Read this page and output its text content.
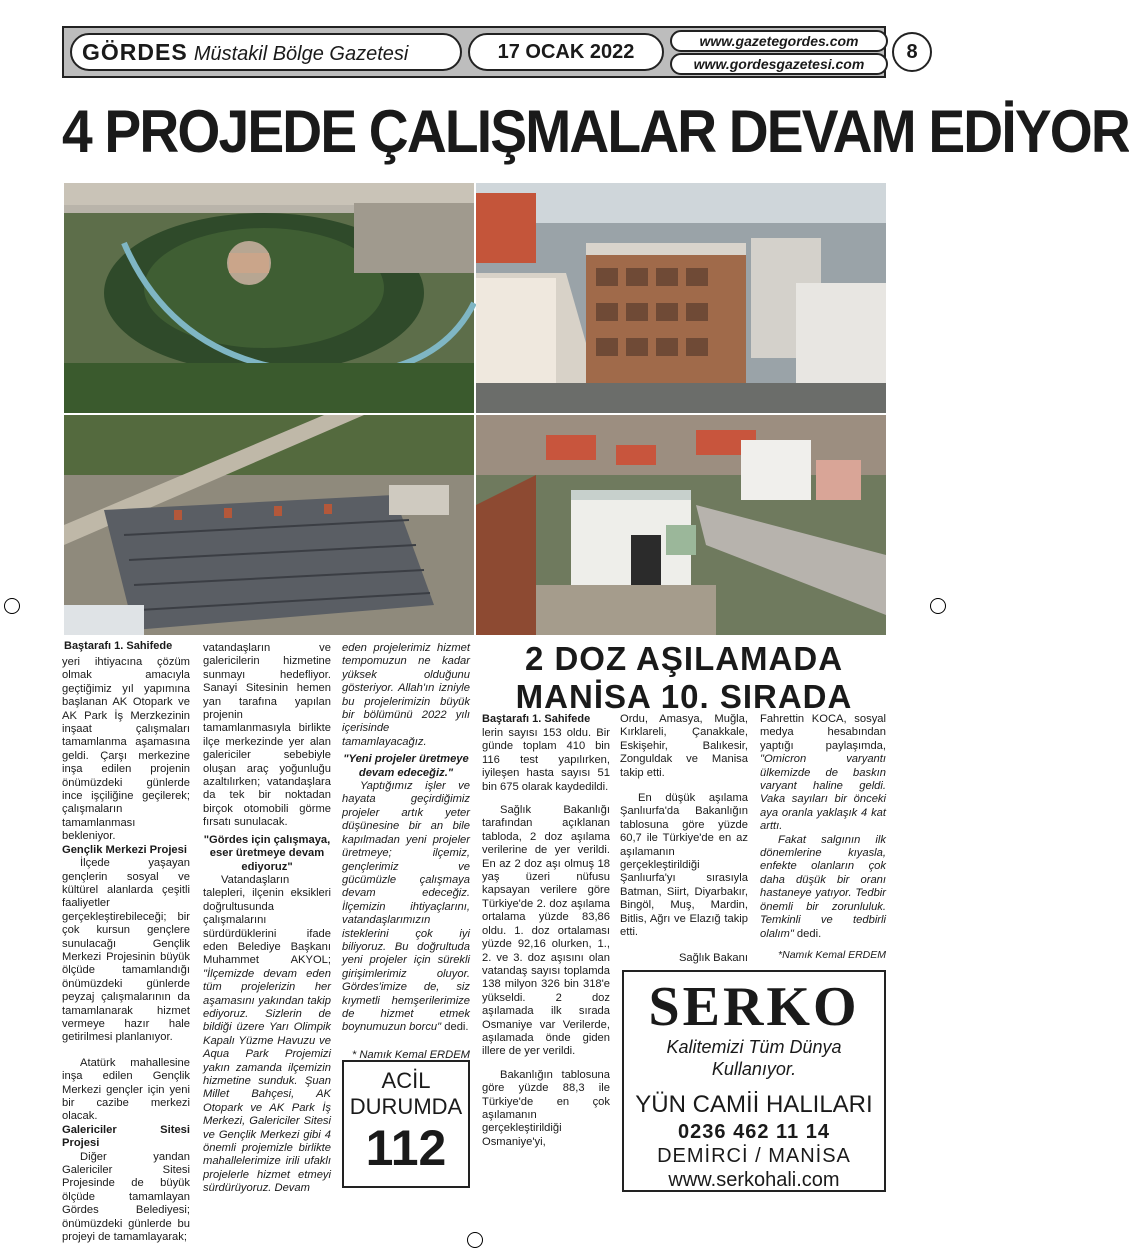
GÖRDES Müstakil Bölge Gazetesi	17 OCAK 2022	www.gazetegordes.com
www.gordesgazetesi.com
8
4 PROJEDE ÇALIŞMALAR DEVAM EDİYOR
Baştarafı 1. Sahifede

yeri ihtiyacına çözüm olmak amacıyla geçtiğimiz yıl yapımına başlanan AK Otopark ve AK Park İş Merzkezinin inşaat çalışmaları tamamlanma aşamasına geldi. Çarşı merkezine inşa edilen projenin önümüzdeki günlerde ince işçiliğine geçilerek; çalışmaların tamamlanması bekleniyor.

Gençlik Merkezi Projesi

İlçede yaşayan gençlerin sosyal ve kültürel alanlarda çeşitli faaliyetler gerçekleştirebileceği; bir çok kursun gençlere sunulacağı Gençlik Merkezi Projesinin büyük ölçüde tamamlandığı önümüzdeki günlerde peyzaj çalışmalarının da tamamlanarak hizmet vermeye hazır hale getirilmesi planlanıyor.

Atatürk mahallesine inşa edilen Gençlik Merkezi gençler için yeni bir cazibe merkezi olacak.

Galericiler Sitesi Projesi

Diğer yandan Galericiler Sitesi Projesinde de büyük ölçüde tamamlayan Gördes Belediyesi; önümüzdeki günlerde bu projeyi de tamamlayarak;

vatandaşların ve galericilerin hizmetine sunmayı hedefliyor. Sanayi Sitesinin hemen yan tarafına yapılan projenin tamamlanmasıyla birlikte ilçe merkezinde yer alan galericiler sebebiyle oluşan araç yoğunluğu azaltılırken; vatandaşlara da tek bir noktadan birçok otomobili görme fırsatı sunulacak.

"Gördes için çalışmaya, eser üretmeye devam ediyoruz"

Vatandaşların talepleri, ilçenin eksikleri doğrultusunda çalışmalarını sürdürdüklerini ifade eden Belediye Başkanı Muhammet AKYOL; "İlçemizde devam eden tüm projelerizin her aşamasını yakından takip ediyoruz. Sizlerin de bildiği üzere Yarı Olimpik Kapalı Yüzme Havuzu ve Aqua Park Projemizi yakın zamanda ilçemizin hizmetine sunduk. Şuan Millet Bahçesi, AK Otopark ve AK Park İş Merkezi, Galericiler Sitesi ve Gençlik Merkezi gibi 4 önemli projemizle birlikte mahallelerimize irili ufaklı projelerle hizmet etmeyi sürdürüyoruz. Devam

eden projelerimiz hizmet tempomuzun ne kadar yüksek olduğunu gösteriyor. Allah'ın izniyle bu projelerimizin büyük bir bölümünü 2022 yılı içerisinde tamamlayacağız.

"Yeni projeler üretmeye devam edeceğiz."

Yaptığımız işler ve hayata geçirdiğimiz projeler artık yeter düşünesine bir an bile kapılmadan yeni projeler üretmeye; ilçemiz, gençlerimiz ve gücümüzle çalışmaya devam edeceğiz. İlçemizin ihtiyaçlarını, vatandaşlarımızın isteklerini çok iyi biliyoruz. Bu doğrultuda yeni projeler için sürekli girişimlerimiz oluyor. Gördes'imize de, siz kıymetli hemşerilerimize de hizmet etmek boynumuzun borcu" dedi.

* Namık Kemal ERDEM

ACİL
DURUMDA
112
2 DOZ AŞILAMADA
MANİSA 10. SIRADA
Baştarafı 1. Sahifede

lerin sayısı 153 oldu. Bir günde toplam 410 bin 116 test yapılırken, iyileşen hasta sayısı 51 bin 675 olarak kaydedildi.

Sağlık Bakanlığı tarafından açıklanan tabloda, 2 doz aşılama verilerine de yer verildi. En az 2 doz aşı olmuş 18 yaş üzeri nüfusu kapsayan verilere göre Türkiye'de 2. doz aşılama ortalama yüzde 83,86 oldu. 1. doz ortalaması yüzde 92,16 olurken, 1., 2. ve 3. doz aşısını olan vatandaş sayısı toplamda 138 milyon 326 bin 318'e yükseldi. 2 doz aşılamada ilk sırada Osmaniye var Verilerde, aşılamada önde giden illere de yer verildi.

Bakanlığın tablosuna göre yüzde 88,3 ile Türkiye'de en çok aşılamanın gerçekleştirildiği Osmaniye'yi,

Ordu, Amasya, Muğla, Kırklareli, Çanakkale, Eskişehir, Balıkesir, Zonguldak ve Manisa takip etti.

En düşük aşılama Şanlıurfa'da Bakanlığın tablosuna göre yüzde 60,7 ile Türkiye'de en az aşılamanın gerçekleştirildiği Şanlıurfa'yı sırasıyla Batman, Siirt, Diyarbakır, Bingöl, Muş, Mardin, Bitlis, Ağrı ve Elazığ takip etti.

Sağlık Bakanı

Fahrettin KOCA, sosyal medya hesabından yaptığı paylaşımda, "Omicron varyantı ülkemizde de baskın varyant haline geldi. Vaka sayıları bir önceki aya oranla yaklaşık 4 kat arttı.

Fakat salgının ilk dönemlerine kıyasla, enfekte olanların çok daha düşük bir oranı hastaneye yatıyor. Tedbir önemli bir zorunluluk. Temkinli ve tedbirli olalım" dedi.

*Namık Kemal ERDEM

SERKO
Kalitemizi Tüm Dünya Kullanıyor.
YÜN CAMİİ HALILARI
0236 462 11 14
DEMİRCİ / MANİSA
www.serkohali.com
